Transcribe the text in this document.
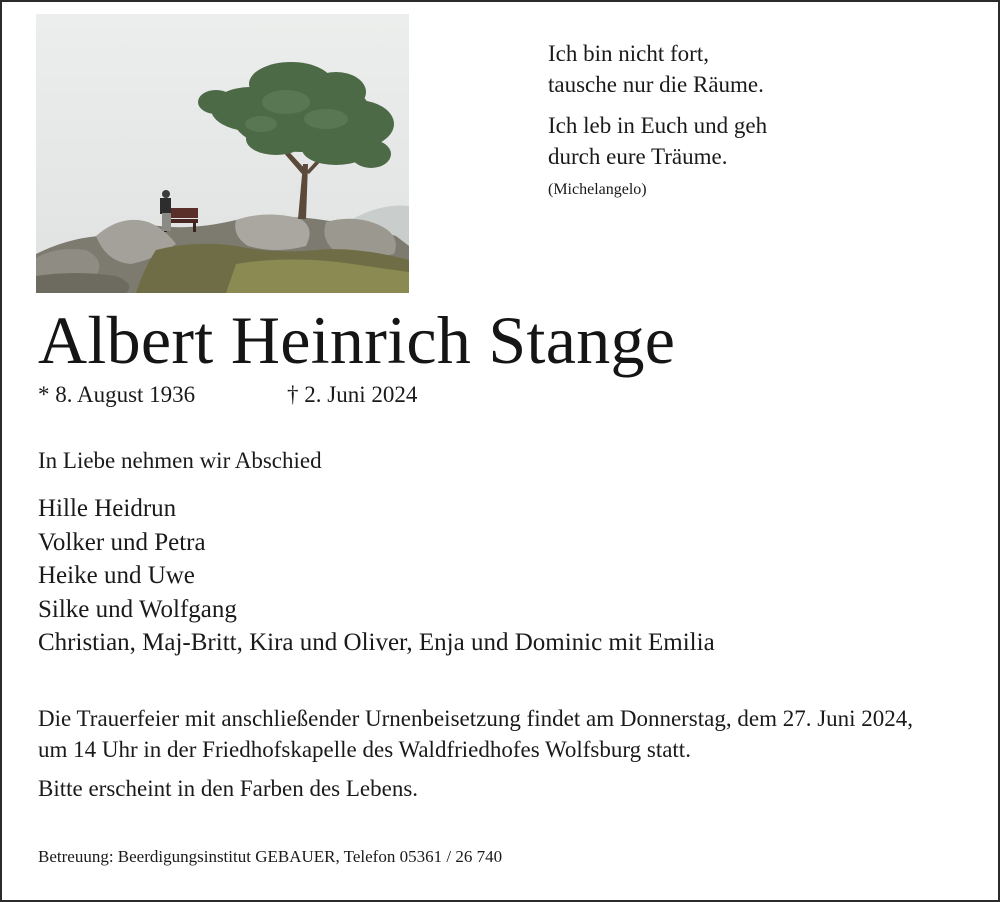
Ich bin nicht fort,
tausche nur die Räume.

Ich leb in Euch und geh
durch eure Träume.

(Michelangelo)

Albert Heinrich Stange
* 8. August 1936	† 2. Juni 2024
In Liebe nehmen wir Abschied
Hille Heidrun
Volker und Petra
Heike und Uwe
Silke und Wolfgang
Christian, Maj-Britt, Kira und Oliver, Enja und Dominic mit Emilia

Die Trauerfeier mit anschließender Urnenbeisetzung findet am Donnerstag, dem 27. Juni 2024, um 14 Uhr in der Friedhofskapelle des Waldfriedhofes Wolfsburg statt.

Bitte erscheint in den Farben des Lebens.

Betreuung: Beerdigungsinstitut GEBAUER, Telefon 05361 / 26 740
